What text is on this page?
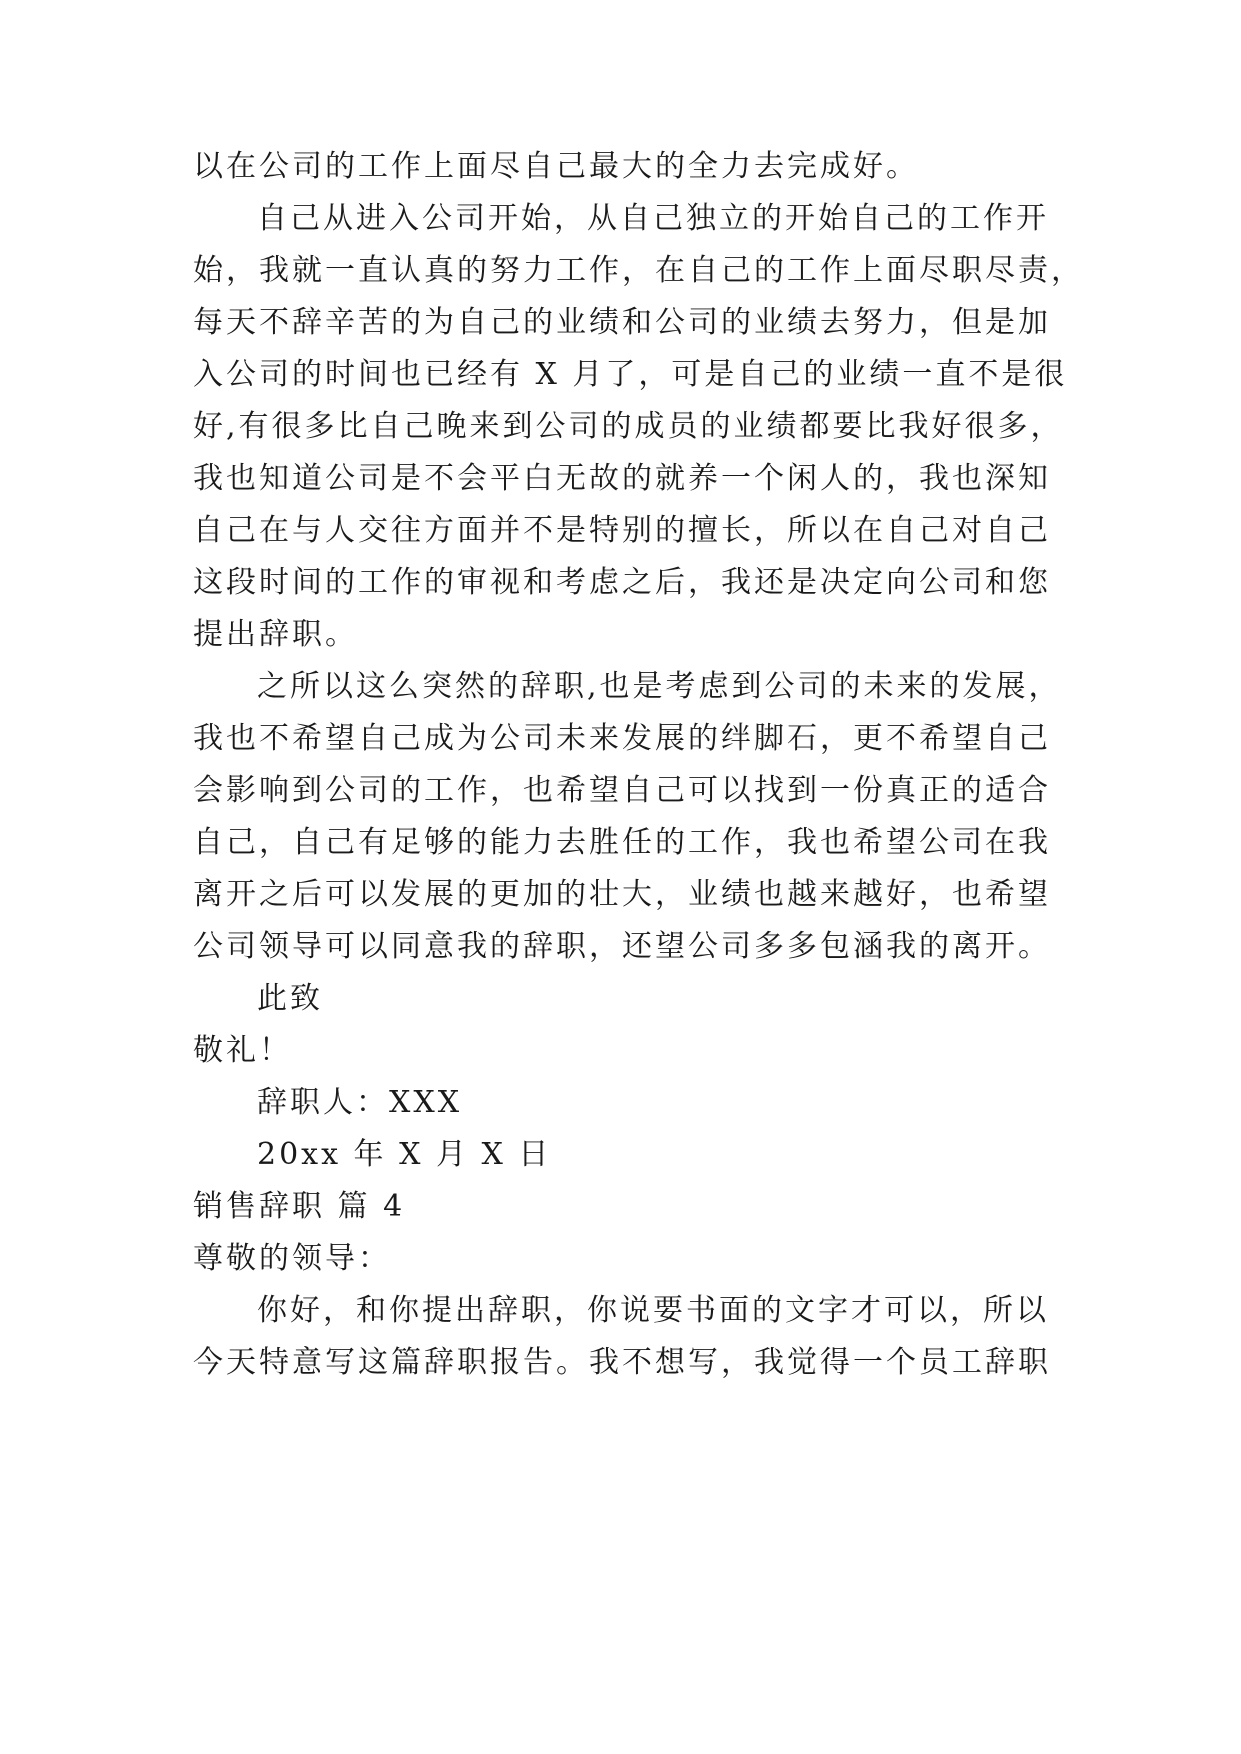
以在公司的工作上面尽自己最大的全力去完成好。
自己从进入公司开始，从自己独立的开始自己的工作开
始，我就一直认真的努力工作，在自己的工作上面尽职尽责，
每天不辞辛苦的为自己的业绩和公司的业绩去努力，但是加
入公司的时间也已经有 X 月了，可是自己的业绩一直不是很
好,有很多比自己晚来到公司的成员的业绩都要比我好很多，
我也知道公司是不会平白无故的就养一个闲人的，我也深知
自己在与人交往方面并不是特别的擅长，所以在自己对自己
这段时间的工作的审视和考虑之后，我还是决定向公司和您
提出辞职。
之所以这么突然的辞职,也是考虑到公司的未来的发展，
我也不希望自己成为公司未来发展的绊脚石，更不希望自己
会影响到公司的工作，也希望自己可以找到一份真正的适合
自己，自己有足够的能力去胜任的工作，我也希望公司在我
离开之后可以发展的更加的壮大，业绩也越来越好，也希望
公司领导可以同意我的辞职，还望公司多多包涵我的离开。
此致
敬礼！
辞职人：XXX
20xx 年 X 月 X 日
销售辞职 篇 4
尊敬的领导：
你好，和你提出辞职，你说要书面的文字才可以，所以
今天特意写这篇辞职报告。我不想写，我觉得一个员工辞职
